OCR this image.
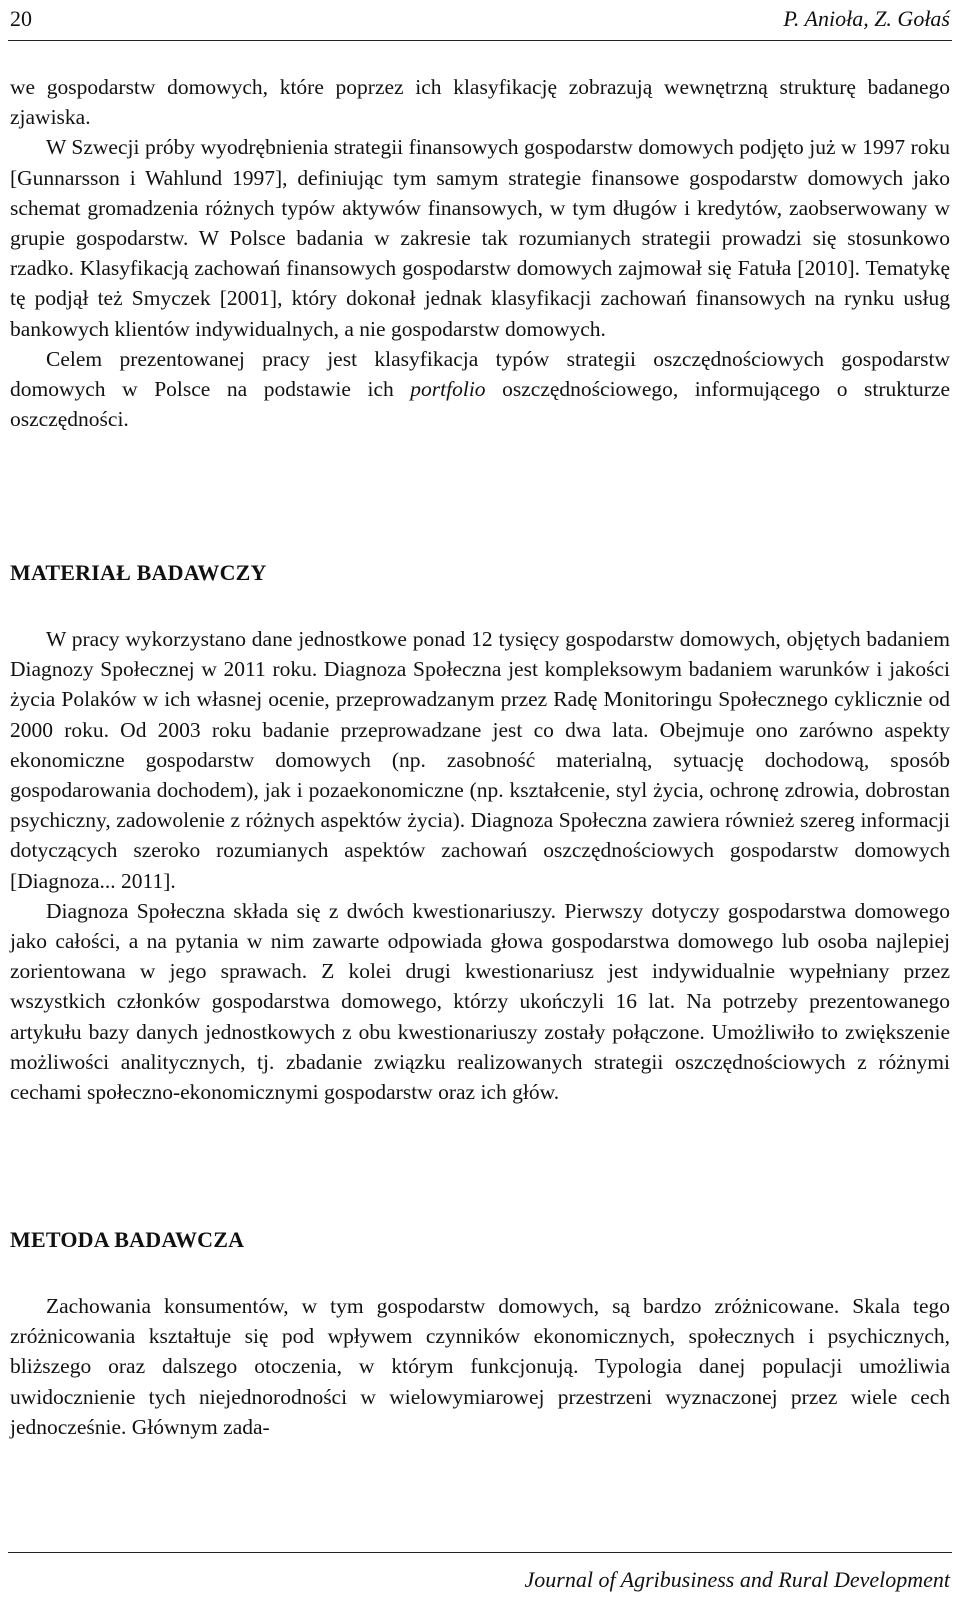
20	P. Anioła, Z. Gołaś

we gospodarstw domowych, które poprzez ich klasyfikację zobrazują wewnętrzną strukturę badanego zjawiska.

W Szwecji próby wyodrębnienia strategii finansowych gospodarstw domowych podjęto już w 1997 roku [Gunnarsson i Wahlund 1997], definiując tym samym strategie finansowe gospodarstw domowych jako schemat gromadzenia różnych typów aktywów finansowych, w tym długów i kredytów, zaobserwowany w grupie gospodarstw. W Polsce badania w zakresie tak rozumianych strategii prowadzi się stosunkowo rzadko. Klasyfikacją zachowań finansowych gospodarstw domowych zajmował się Fatuła [2010]. Tematykę tę podjął też Smyczek [2001], który dokonał jednak klasyfikacji zachowań finansowych na rynku usług bankowych klientów indywidualnych, a nie gospodarstw domowych.

Celem prezentowanej pracy jest klasyfikacja typów strategii oszczędnościowych gospodarstw domowych w Polsce na podstawie ich portfolio oszczędnościowego, informującego o strukturze oszczędności.

MATERIAŁ BADAWCZY

W pracy wykorzystano dane jednostkowe ponad 12 tysięcy gospodarstw domowych, objętych badaniem Diagnozy Społecznej w 2011 roku. Diagnoza Społeczna jest kompleksowym badaniem warunków i jakości życia Polaków w ich własnej ocenie, przeprowadzanym przez Radę Monitoringu Społecznego cyklicznie od 2000 roku. Od 2003 roku badanie przeprowadzane jest co dwa lata. Obejmuje ono zarówno aspekty ekonomiczne gospodarstw domowych (np. zasobność materialną, sytuację dochodową, sposób gospodarowania dochodem), jak i pozaekonomiczne (np. kształcenie, styl życia, ochronę zdrowia, dobrostan psychiczny, zadowolenie z różnych aspektów życia). Diagnoza Społeczna zawiera również szereg informacji dotyczących szeroko rozumianych aspektów zachowań oszczędnościowych gospodarstw domowych [Diagnoza... 2011].

Diagnoza Społeczna składa się z dwóch kwestionariuszy. Pierwszy dotyczy gospodarstwa domowego jako całości, a na pytania w nim zawarte odpowiada głowa gospodarstwa domowego lub osoba najlepiej zorientowana w jego sprawach. Z kolei drugi kwestionariusz jest indywidualnie wypełniany przez wszystkich członków gospodarstwa domowego, którzy ukończyli 16 lat. Na potrzeby prezentowanego artykułu bazy danych jednostkowych z obu kwestionariuszy zostały połączone. Umożliwiło to zwiększenie możliwości analitycznych, tj. zbadanie związku realizowanych strategii oszczędnościowych z różnymi cechami społeczno-ekonomicznymi gospodarstw oraz ich głów.

METODA BADAWCZA

Zachowania konsumentów, w tym gospodarstw domowych, są bardzo zróżnicowane. Skala tego zróżnicowania kształtuje się pod wpływem czynników ekonomicznych, społecznych i psychicznych, bliższego oraz dalszego otoczenia, w którym funkcjonują. Typologia danej populacji umożliwia uwidocznienie tych niejednorodności w wielowymiarowej przestrzeni wyznaczonej przez wiele cech jednocześnie. Głównym zada-

Journal of Agribusiness and Rural Development
